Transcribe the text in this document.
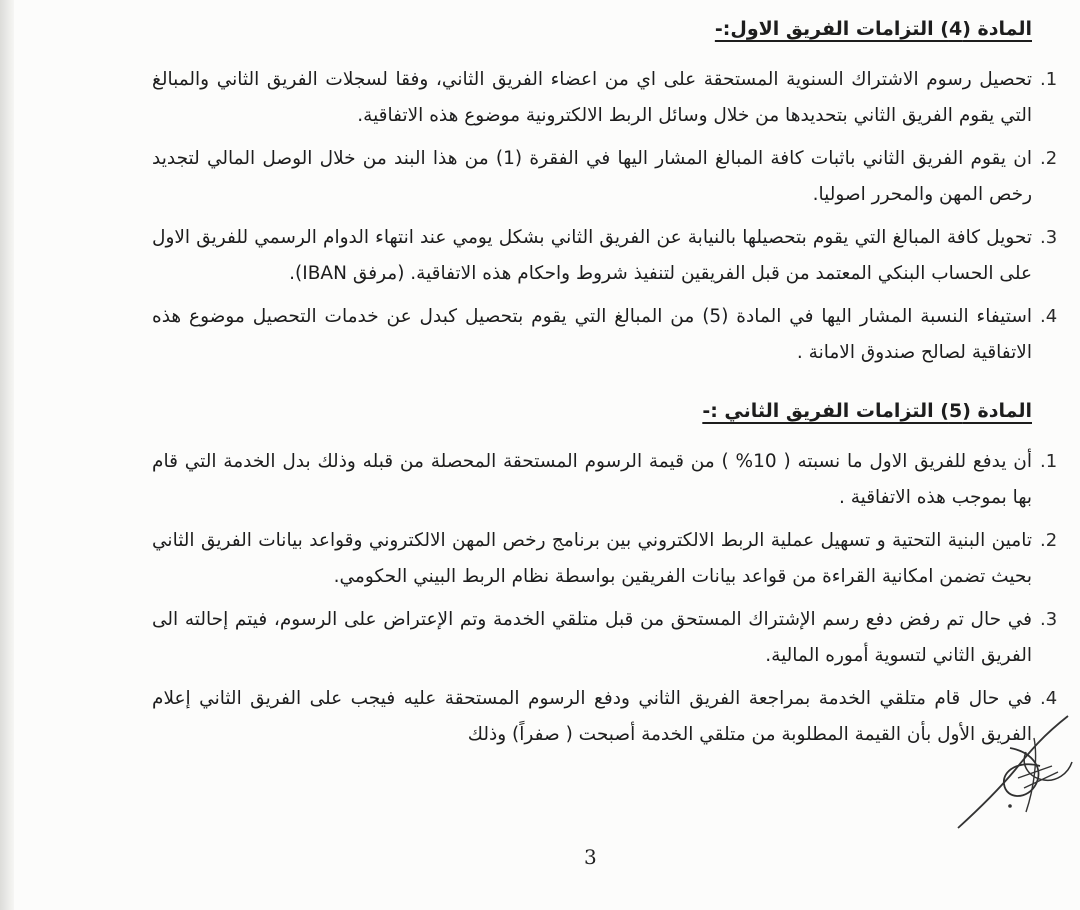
المادة (4) التزامات الفريق الاول:-
.1
تحصيل رسوم الاشتراك السنوية المستحقة على اي من اعضاء الفريق الثاني، وفقا لسجلات الفريق الثاني والمبالغ التي يقوم الفريق الثاني بتحديدها من خلال وسائل الربط الالكترونية موضوع هذه الاتفاقية.
.2
ان يقوم الفريق الثاني باثبات كافة المبالغ المشار اليها في الفقرة (1) من هذا البند من خلال الوصل المالي لتجديد رخص المهن والمحرر اصوليا.
.3
تحويل كافة المبالغ التي يقوم بتحصيلها بالنيابة عن الفريق الثاني بشكل يومي عند انتهاء الدوام الرسمي للفريق الاول على الحساب البنكي المعتمد من قبل الفريقين لتنفيذ شروط واحكام هذه الاتفاقية. (مرفق IBAN).
.4
استيفاء النسبة المشار اليها في المادة (5) من المبالغ التي يقوم بتحصيل كبدل عن خدمات التحصيل موضوع هذه الاتفاقية لصالح صندوق الامانة .
المادة (5) التزامات الفريق الثاني :-
.1
أن يدفع للفريق الاول ما نسبته ( 10% ) من قيمة الرسوم المستحقة المحصلة من قبله وذلك بدل الخدمة التي قام بها بموجب هذه الاتفاقية .
.2
تامين البنية التحتية و تسهيل عملية الربط الالكتروني بين برنامج رخص المهن الالكتروني وقواعد بيانات الفريق الثاني بحيث تضمن امكانية القراءة من قواعد بيانات الفريقين بواسطة نظام الربط البيني الحكومي.
.3
في حال تم رفض دفع رسم الإشتراك المستحق من قبل متلقي الخدمة وتم الإعتراض على الرسوم، فيتم إحالته الى الفريق الثاني لتسوية أموره المالية.
.4
في حال قام متلقي الخدمة بمراجعة الفريق الثاني ودفع الرسوم المستحقة عليه فيجب على الفريق الثاني إعلام الفريق الأول بأن القيمة المطلوبة من متلقي الخدمة أصبحت ( صفراً) وذلك
3
